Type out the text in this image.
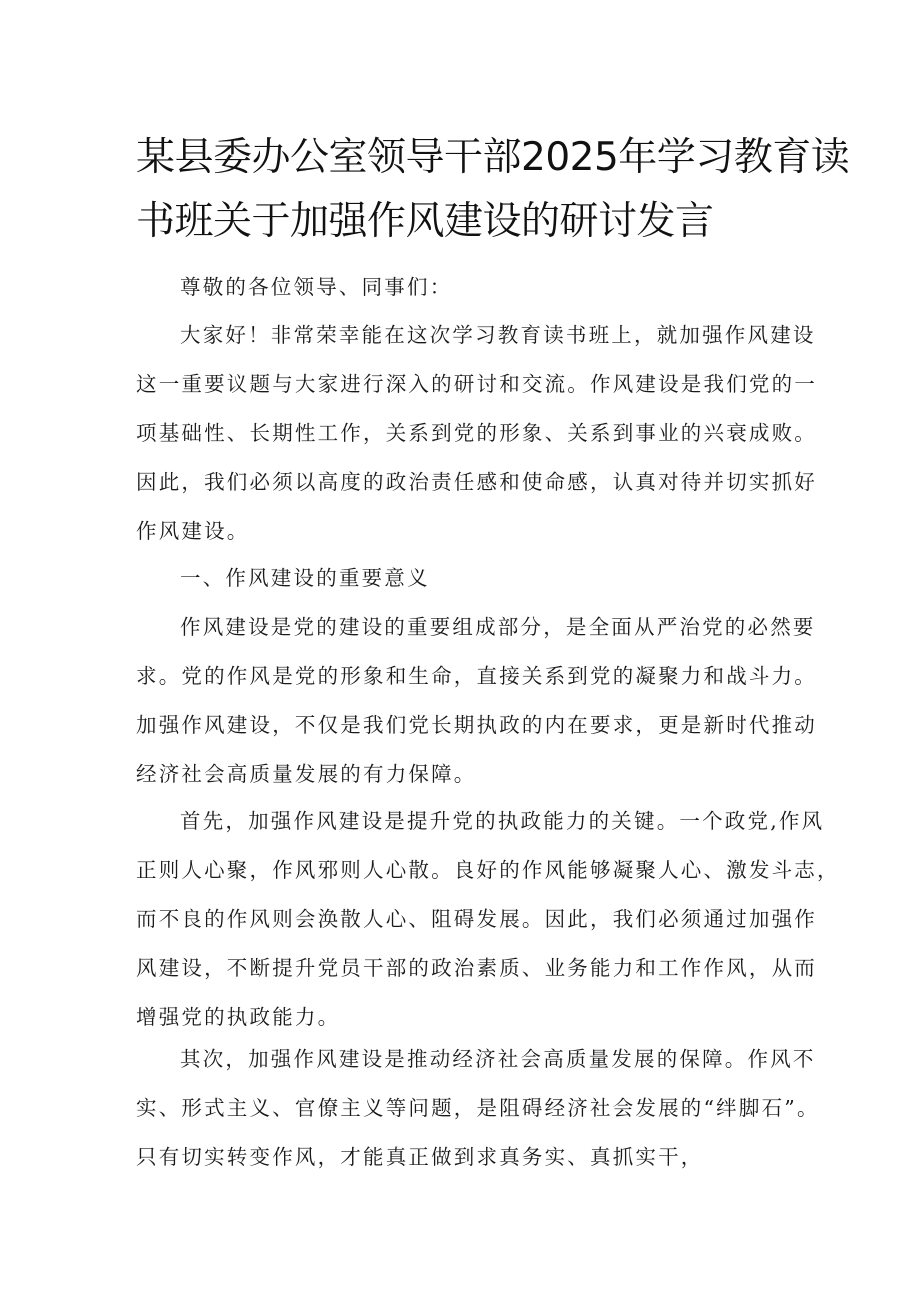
某县委办公室领导干部2025年学习教育读
书班关于加强作风建设的研讨发言

尊敬的各位领导、同事们：

大家好！非常荣幸能在这次学习教育读书班上，就加强作风建设
这一重要议题与大家进行深入的研讨和交流。作风建设是我们党的一
项基础性、长期性工作，关系到党的形象、关系到事业的兴衰成败。
因此，我们必须以高度的政治责任感和使命感，认真对待并切实抓好
作风建设。

一、作风建设的重要意义

作风建设是党的建设的重要组成部分，是全面从严治党的必然要
求。党的作风是党的形象和生命，直接关系到党的凝聚力和战斗力。
加强作风建设，不仅是我们党长期执政的内在要求，更是新时代推动
经济社会高质量发展的有力保障。

首先，加强作风建设是提升党的执政能力的关键。一个政党,作风
正则人心聚，作风邪则人心散。良好的作风能够凝聚人心、激发斗志，
而不良的作风则会涣散人心、阻碍发展。因此，我们必须通过加强作
风建设，不断提升党员干部的政治素质、业务能力和工作作风，从而
增强党的执政能力。

其次，加强作风建设是推动经济社会高质量发展的保障。作风不
实、形式主义、官僚主义等问题，是阻碍经济社会发展的“绊脚石”。
只有切实转变作风，才能真正做到求真务实、真抓实干，
